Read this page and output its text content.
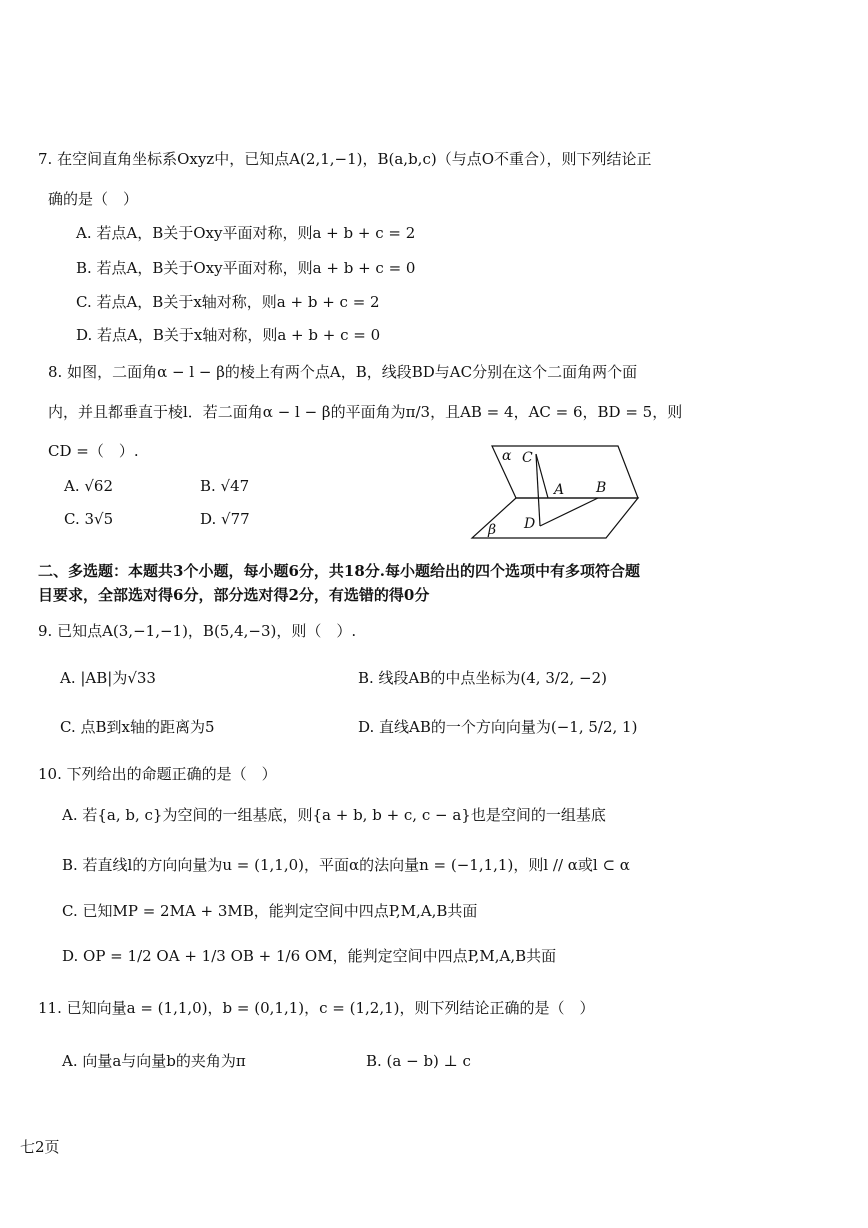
7. 在空间直角坐标系Oxyz中，已知点A(2,1,−1)，B(a,b,c)（与点O不重合），则下列结论正
确的是（　）
A. 若点A，B关于Oxy平面对称，则a + b + c = 2
B. 若点A，B关于Oxy平面对称，则a + b + c = 0
C. 若点A，B关于x轴对称，则a + b + c = 2
D. 若点A，B关于x轴对称，则a + b + c = 0
8. 如图，二面角α − l − β的棱上有两个点A，B，线段BD与AC分别在这个二面角两个面
内，并且都垂直于棱l．若二面角α − l − β的平面角为π/3，且AB = 4，AC = 6，BD = 5，则
CD =（　）.
A. √62	B. √47
C. 3√5	D. √77
α C
A B
β D
二、多选题：本题共3个小题，每小题6分，共18分.每小题给出的四个选项中有多项符合题
目要求，全部选对得6分，部分选对得2分，有选错的得0分
9. 已知点A(3,−1,−1)，B(5,4,−3)，则（　）.
A. |AB|为√33	B. 线段AB的中点坐标为(4, 3/2, −2)
C. 点B到x轴的距离为5	D. 直线AB的一个方向向量为(−1, 5/2, 1)
10. 下列给出的命题正确的是（　）
A. 若{a, b, c}为空间的一组基底，则{a + b, b + c, c − a}也是空间的一组基底
B. 若直线l的方向向量为u = (1,1,0)，平面α的法向量n = (−1,1,1)，则l // α或l ⊂ α
C. 已知MP = 2MA + 3MB，能判定空间中四点P,M,A,B共面
D. OP = 1/2 OA + 1/3 OB + 1/6 OM，能判定空间中四点P,M,A,B共面
11. 已知向量a = (1,1,0)，b = (0,1,1)，c = (1,2,1)，则下列结论正确的是（　）
A. 向量a与向量b的夹角为π	B. (a − b) ⊥ c
七2页
